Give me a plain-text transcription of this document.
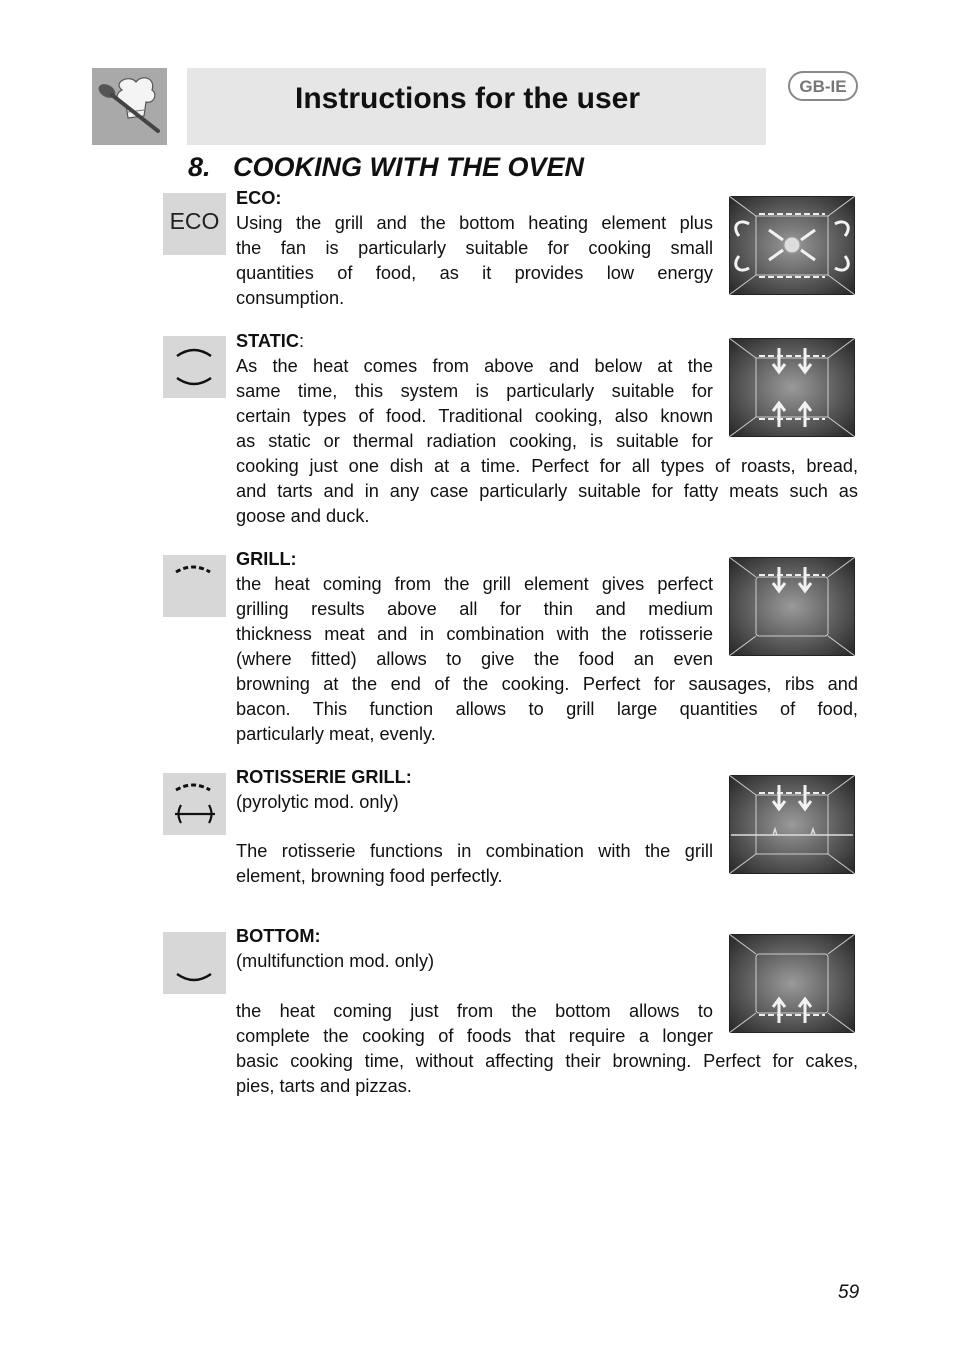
Instructions for the user	GB-IE
8. COOKING WITH THE OVEN
ECO
ECO:
Using the grill and the bottom heating element plus
the fan is particularly suitable for cooking small
quantities of food, as it provides low energy
consumption.
STATIC:
As the heat comes from above and below at the
same time, this system is particularly suitable for
certain types of food. Traditional cooking, also known
as static or thermal radiation cooking, is suitable for
cooking just one dish at a time. Perfect for all types of roasts, bread,
and tarts and in any case particularly suitable for fatty meats such as
goose and duck.
GRILL:
the heat coming from the grill element gives perfect
grilling results above all for thin and medium
thickness meat and in combination with the rotisserie
(where fitted) allows to give the food an even
browning at the end of the cooking. Perfect for sausages, ribs and
bacon. This function allows to grill large quantities of food,
particularly meat, evenly.
ROTISSERIE GRILL:
(pyrolytic mod. only)
The rotisserie functions in combination with the grill
element, browning food perfectly.
BOTTOM:
(multifunction mod. only)
the heat coming just from the bottom allows to
complete the cooking of foods that require a longer
basic cooking time, without affecting their browning. Perfect for cakes,
pies, tarts and pizzas.
59
